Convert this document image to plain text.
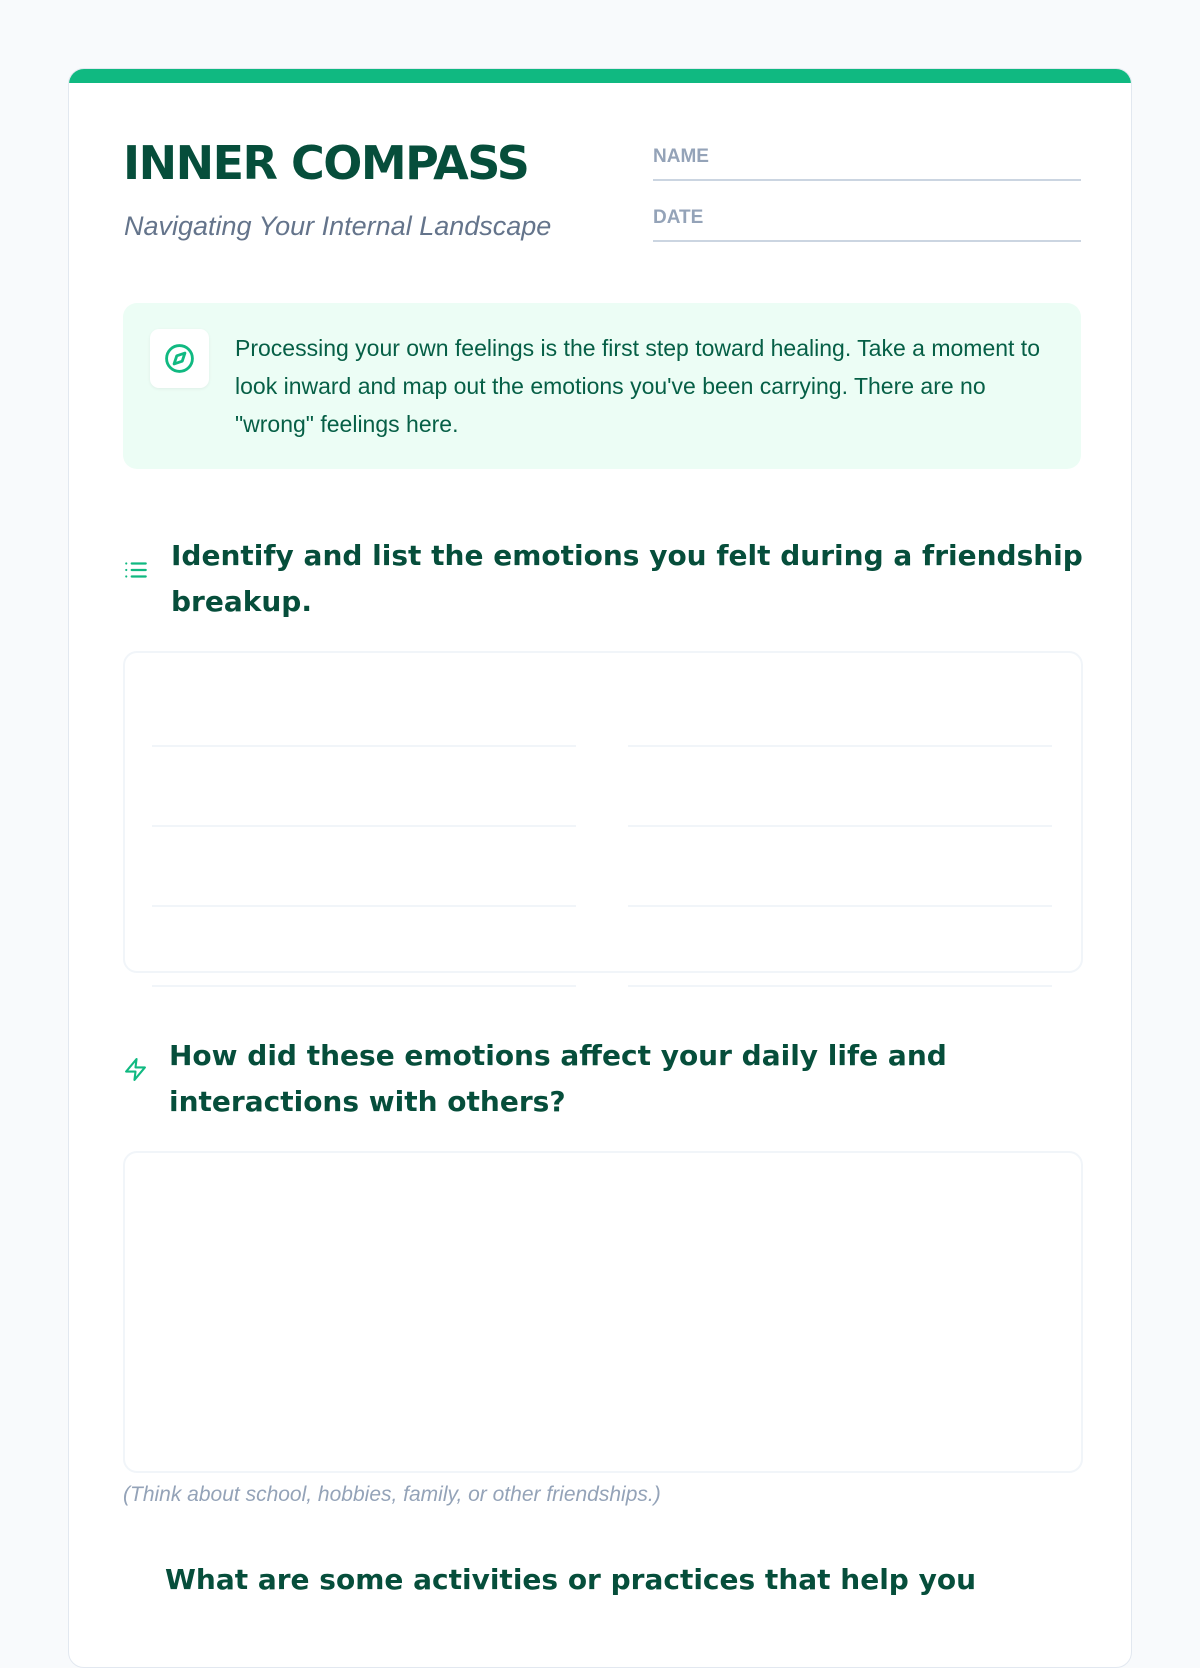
INNER COMPASS
Navigating Your Internal Landscape
NAME
DATE
Processing your own feelings is the first step toward healing. Take a moment to look inward and map out the emotions you've been carrying. There are no "wrong" feelings here.
Identify and list the emotions you felt during a friendship breakup.
How did these emotions affect your daily life and interactions with others?
(Think about school, hobbies, family, or other friendships.)
What are some activities or practices that help you
